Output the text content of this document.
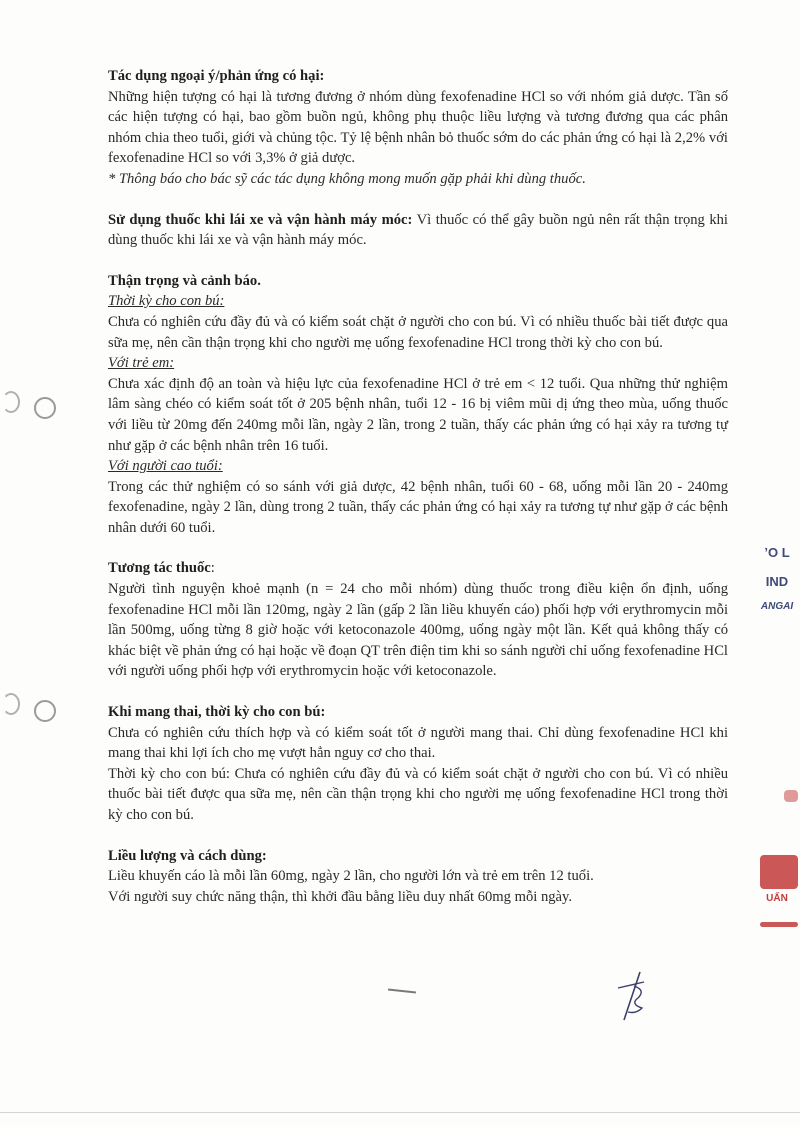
ʼO L
IND
ANGAI
UẤN

Tác dụng ngoại ý/phản ứng có hại:

Những hiện tượng có hại là tương đương ở nhóm dùng fexofenadine HCl so với nhóm giả dược. Tần số các hiện tượng có hại, bao gồm buồn ngủ, không phụ thuộc liều lượng và tương đương qua các phân nhóm chia theo tuổi, giới và chủng tộc. Tỷ lệ bệnh nhân bỏ thuốc sớm do các phản ứng có hại là 2,2% với fexofenadine HCl so với 3,3% ở giả dược.

* Thông báo cho bác sỹ các tác dụng không mong muốn gặp phải khi dùng thuốc.

Sử dụng thuốc khi lái xe và vận hành máy móc: Vì thuốc có thể gây buồn ngủ nên rất thận trọng khi dùng thuốc khi lái xe và vận hành máy móc.

Thận trọng và cảnh báo.

Thời kỳ cho con bú:

Chưa có nghiên cứu đầy đủ và có kiểm soát chặt ở người cho con bú. Vì có nhiều thuốc bài tiết được qua sữa mẹ, nên cần thận trọng khi cho người mẹ uống fexofenadine HCl trong thời kỳ cho con bú.

Với trẻ em:

Chưa xác định độ an toàn và hiệu lực của fexofenadine HCl ở trẻ em < 12 tuổi. Qua những thử nghiệm lâm sàng chéo có kiểm soát tốt ở 205 bệnh nhân, tuổi 12 - 16 bị viêm mũi dị ứng theo mùa, uống thuốc với liều từ 20mg đến 240mg mỗi lần, ngày 2 lần, trong 2 tuần, thấy các phản ứng có hại xảy ra tương tự như gặp ở các bệnh nhân trên 16 tuổi.

Với người cao tuổi:

Trong các thử nghiệm có so sánh với giả dược, 42 bệnh nhân, tuổi 60 - 68, uống mỗi lần 20 - 240mg fexofenadine, ngày 2 lần, dùng trong 2 tuần, thấy các phản ứng có hại xảy ra tương tự như gặp ở các bệnh nhân dưới 60 tuổi.

Tương tác thuốc:

Người tình nguyện khoẻ mạnh (n = 24 cho mỗi nhóm) dùng thuốc trong điều kiện ổn định, uống fexofenadine HCl mỗi lần 120mg, ngày 2 lần (gấp 2 lần liều khuyến cáo) phối hợp với erythromycin mỗi lần 500mg, uống từng 8 giờ hoặc với ketoconazole 400mg, uống ngày một lần. Kết quả không thấy có khác biệt về phản ứng có hại hoặc về đoạn QT trên điện tim khi so sánh người chỉ uống fexofenadine HCl với người uống phối hợp với erythromycin hoặc với ketoconazole.

Khi mang thai, thời kỳ cho con bú:

Chưa có nghiên cứu thích hợp và có kiểm soát tốt ở người mang thai. Chỉ dùng fexofenadine HCl khi mang thai khi lợi ích cho mẹ vượt hẳn nguy cơ cho thai.

Thời kỳ cho con bú: Chưa có nghiên cứu đầy đủ và có kiểm soát chặt ở người cho con bú. Vì có nhiều thuốc bài tiết được qua sữa mẹ, nên cần thận trọng khi cho người mẹ uống fexofenadine HCl trong thời kỳ cho con bú.

Liều lượng và cách dùng:

Liều khuyến cáo là mỗi lần 60mg, ngày 2 lần, cho người lớn và trẻ em trên 12 tuổi.

Với người suy chức năng thận, thì khởi đầu bằng liều duy nhất 60mg mỗi ngày.
